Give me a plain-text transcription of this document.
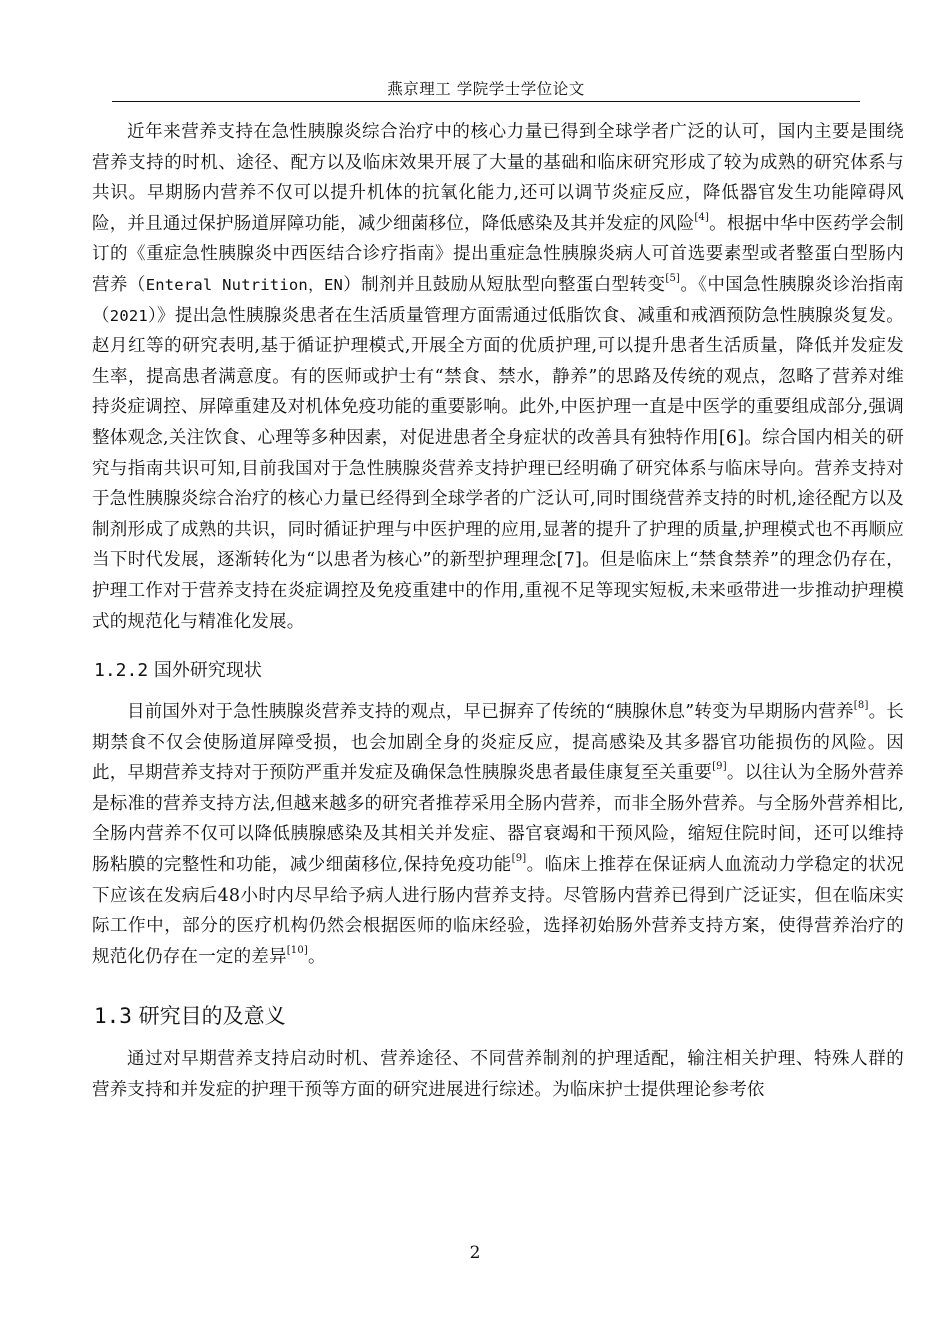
燕京理工 学院学士学位论文

近年来营养支持在急性胰腺炎综合治疗中的核心力量已得到全球学者广泛的认可，国内主要是围绕营养支持的时机、途径、配方以及临床效果开展了大量的基础和临床研究形成了较为成熟的研究体系与共识。早期肠内营养不仅可以提升机体的抗氧化能力,还可以调节炎症反应，降低器官发生功能障碍风险，并且通过保护肠道屏障功能，减少细菌移位，降低感染及其并发症的风险[4]。根据中华中医药学会制订的《重症急性胰腺炎中西医结合诊疗指南》提出重症急性胰腺炎病人可首选要素型或者整蛋白型肠内营养（Enteral Nutrition，EN）制剂并且鼓励从短肽型向整蛋白型转变[5]。《中国急性胰腺炎诊治指南（2021）》提出急性胰腺炎患者在生活质量管理方面需通过低脂饮食、减重和戒酒预防急性胰腺炎复发。赵月红等的研究表明,基于循证护理模式,开展全方面的优质护理,可以提升患者生活质量，降低并发症发生率，提高患者满意度。有的医师或护士有“禁食、禁水，静养”的思路及传统的观点，忽略了营养对维持炎症调控、屏障重建及对机体免疫功能的重要影响。此外,中医护理一直是中医学的重要组成部分,强调整体观念,关注饮食、心理等多种因素，对促进患者全身症状的改善具有独特作用[6]。综合国内相关的研究与指南共识可知,目前我国对于急性胰腺炎营养支持护理已经明确了研究体系与临床导向。营养支持对于急性胰腺炎综合治疗的核心力量已经得到全球学者的广泛认可,同时围绕营养支持的时机,途径配方以及制剂形成了成熟的共识，同时循证护理与中医护理的应用,显著的提升了护理的质量,护理模式也不再顺应当下时代发展，逐渐转化为“以患者为核心”的新型护理理念[7]。但是临床上“禁食禁养”的理念仍存在，护理工作对于营养支持在炎症调控及免疫重建中的作用,重视不足等现实短板,未来亟带进一步推动护理模式的规范化与精准化发展。

1.2.2 国外研究现状

目前国外对于急性胰腺炎营养支持的观点，早已摒弃了传统的“胰腺休息”转变为早期肠内营养[8]。长期禁食不仅会使肠道屏障受损，也会加剧全身的炎症反应，提高感染及其多器官功能损伤的风险。因此，早期营养支持对于预防严重并发症及确保急性胰腺炎患者最佳康复至关重要[9]。以往认为全肠外营养是标准的营养支持方法,但越来越多的研究者推荐采用全肠内营养，而非全肠外营养。与全肠外营养相比,全肠内营养不仅可以降低胰腺感染及其相关并发症、器官衰竭和干预风险，缩短住院时间，还可以维持肠粘膜的完整性和功能，减少细菌移位,保持免疫功能[9]。临床上推荐在保证病人血流动力学稳定的状况下应该在发病后48小时内尽早给予病人进行肠内营养支持。尽管肠内营养已得到广泛证实，但在临床实际工作中，部分的医疗机构仍然会根据医师的临床经验，选择初始肠外营养支持方案，使得营养治疗的规范化仍存在一定的差异[10]。

1.3 研究目的及意义

通过对早期营养支持启动时机、营养途径、不同营养制剂的护理适配，输注相关护理、特殊人群的营养支持和并发症的护理干预等方面的研究进展进行综述。为临床护士提供理论参考依

2
